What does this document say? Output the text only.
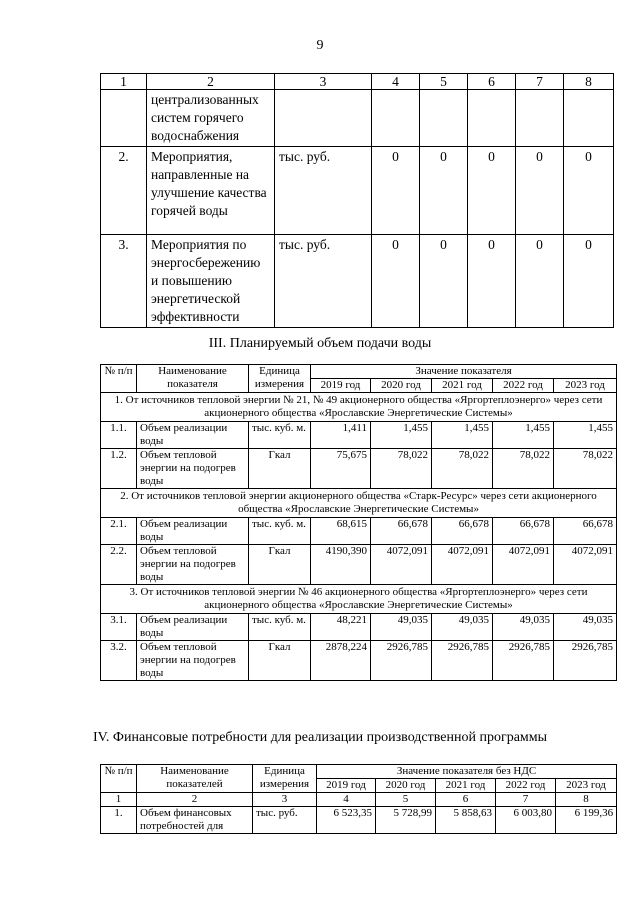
9
1	2	3	4	5	6	7	8
	централизованных систем горячего водоснабжения						
2.	Мероприятия, направленные на улучшение качества горячей воды	тыс. руб.	0	0	0	0	0
3.	Мероприятия по энергосбережению и повышению энергетической эффективности	тыс. руб.	0	0	0	0	0
III. Планируемый объем подачи воды
№ п/п	Наименование показателя	Единица измерения	Значение показателя				
			2019 год	2020 год	2021 год	2022 год	2023 год
1. От источников тепловой энергии № 21, № 49 акционерного общества «Яргортеплоэнерго» через сети акционерного общества «Ярославские Энергетические Системы»							
1.1.	Объем реализации воды	тыс. куб. м.	1,411	1,455	1,455	1,455	1,455
1.2.	Объем тепловой энергии на подогрев воды	Гкал	75,675	78,022	78,022	78,022	78,022
2. От источников тепловой энергии акционерного общества «Старк-Ресурс» через сети акционерного общества «Ярославские Энергетические Системы»							
2.1.	Объем реализации воды	тыс. куб. м.	68,615	66,678	66,678	66,678	66,678
2.2.	Объем тепловой энергии на подогрев воды	Гкал	4190,390	4072,091	4072,091	4072,091	4072,091
3. От источников тепловой энергии № 46 акционерного общества «Яргортеплоэнерго» через сети акционерного общества «Ярославские Энергетические Системы»							
3.1.	Объем реализации воды	тыс. куб. м.	48,221	49,035	49,035	49,035	49,035
3.2.	Объем тепловой энергии на подогрев воды	Гкал	2878,224	2926,785	2926,785	2926,785	2926,785
IV. Финансовые потребности для реализации производственной программы
№ п/п	Наименование показателей	Единица измерения	Значение показателя без НДС				
			2019 год	2020 год	2021 год	2022 год	2023 год
1	2	3	4	5	6	7	8
1.	Объем финансовых потребностей для	тыс. руб.	6 523,35	5 728,99	5 858,63	6 003,80	6 199,36
